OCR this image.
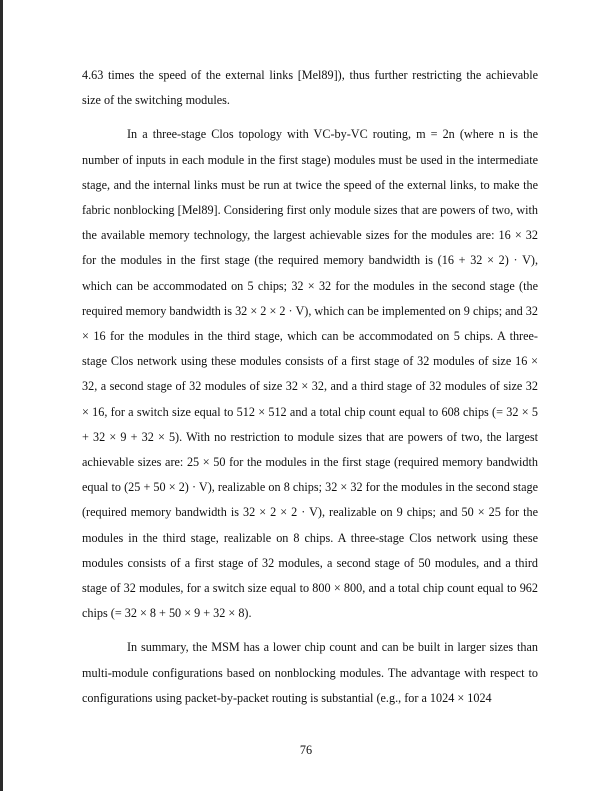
4.63 times the speed of the external links [Mel89]), thus further restricting the achievable size of the switching modules.

In a three-stage Clos topology with VC-by-VC routing, m = 2n (where n is the number of inputs in each module in the first stage) modules must be used in the intermediate stage, and the internal links must be run at twice the speed of the external links, to make the fabric nonblocking [Mel89]. Considering first only module sizes that are powers of two, with the available memory technology, the largest achievable sizes for the modules are: 16 × 32 for the modules in the first stage (the required memory bandwidth is (16 + 32 × 2) · V), which can be accommodated on 5 chips; 32 × 32 for the modules in the second stage (the required memory bandwidth is 32 × 2 × 2 · V), which can be implemented on 9 chips; and 32 × 16 for the modules in the third stage, which can be accommodated on 5 chips. A three-stage Clos network using these modules consists of a first stage of 32 modules of size 16 × 32, a second stage of 32 modules of size 32 × 32, and a third stage of 32 modules of size 32 × 16, for a switch size equal to 512 × 512 and a total chip count equal to 608 chips (= 32 × 5 + 32 × 9 + 32 × 5). With no restriction to module sizes that are powers of two, the largest achievable sizes are: 25 × 50 for the modules in the first stage (required memory bandwidth equal to (25 + 50 × 2) · V), realizable on 8 chips; 32 × 32 for the modules in the second stage (required memory bandwidth is 32 × 2 × 2 · V), realizable on 9 chips; and 50 × 25 for the modules in the third stage, realizable on 8 chips. A three-stage Clos network using these modules consists of a first stage of 32 modules, a second stage of 50 modules, and a third stage of 32 modules, for a switch size equal to 800 × 800, and a total chip count equal to 962 chips (= 32 × 8 + 50 × 9 + 32 × 8).

In summary, the MSM has a lower chip count and can be built in larger sizes than multi-module configurations based on nonblocking modules. The advantage with respect to configurations using packet-by-packet routing is substantial (e.g., for a 1024 × 1024

76
